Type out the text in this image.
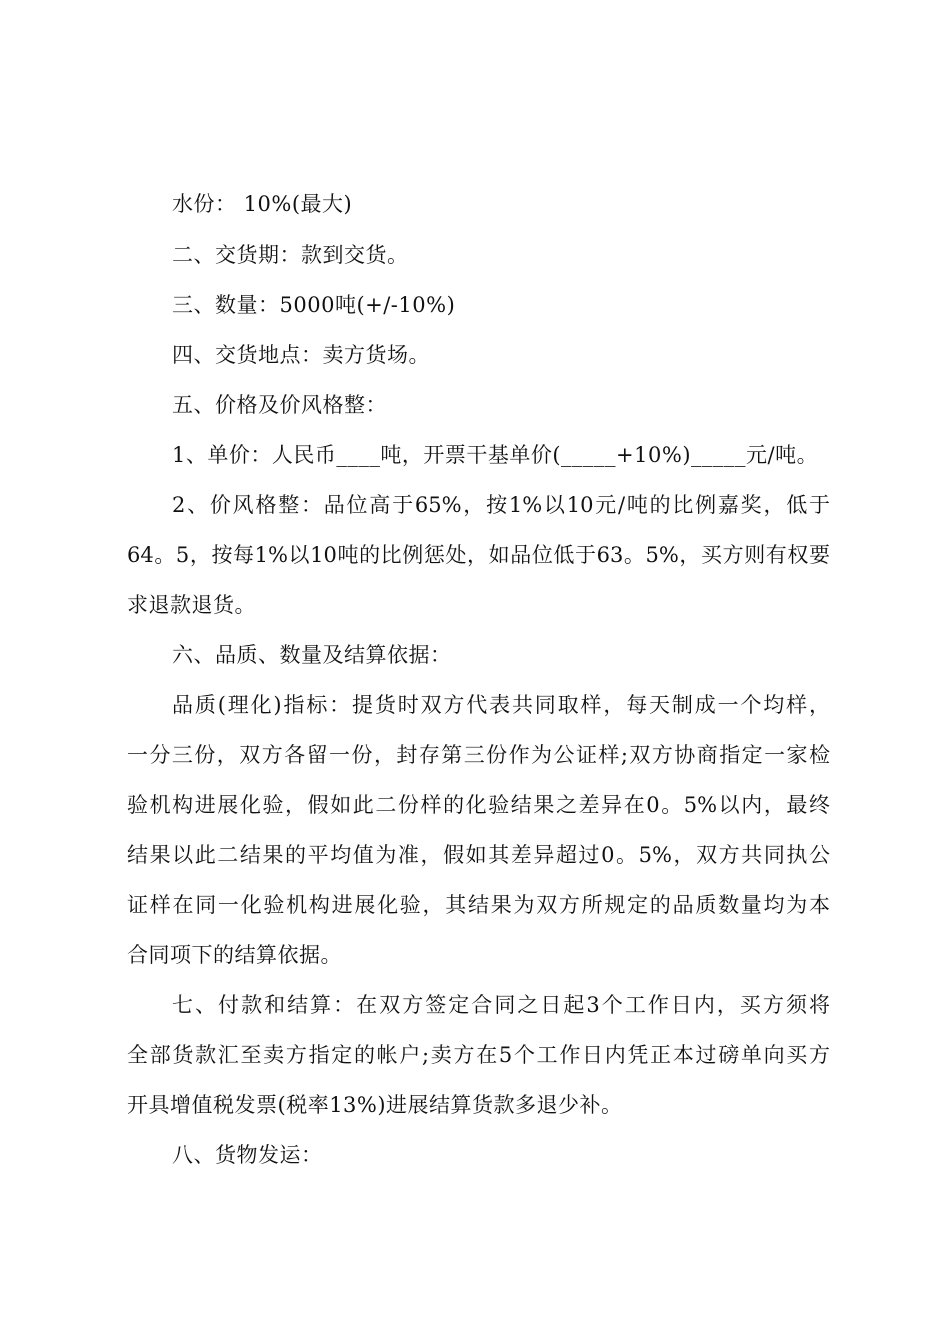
水份： 10%(最大)
二、交货期：款到交货。
三、数量：5000吨(+/-10%)
四、交货地点：卖方货场。
五、价格及价风格整：
1、单价：人民币____吨，开票干基单价(_____+10%)_____元/吨。
2、价风格整：品位高于65%，按1%以10元/吨的比例嘉奖，低于
64。5，按每1%以10吨的比例惩处，如品位低于63。5%，买方则有权要
求退款退货。
六、品质、数量及结算依据：
品质(理化)指标：提货时双方代表共同取样，每天制成一个均样，
一分三份，双方各留一份，封存第三份作为公证样;双方协商指定一家检
验机构进展化验，假如此二份样的化验结果之差异在0。5%以内，最终
结果以此二结果的平均值为准，假如其差异超过0。5%，双方共同执公
证样在同一化验机构进展化验，其结果为双方所规定的品质数量均为本
合同项下的结算依据。
七、付款和结算：在双方签定合同之日起3个工作日内，买方须将
全部货款汇至卖方指定的帐户;卖方在5个工作日内凭正本过磅单向买方
开具增值税发票(税率13%)进展结算货款多退少补。
八、货物发运：
